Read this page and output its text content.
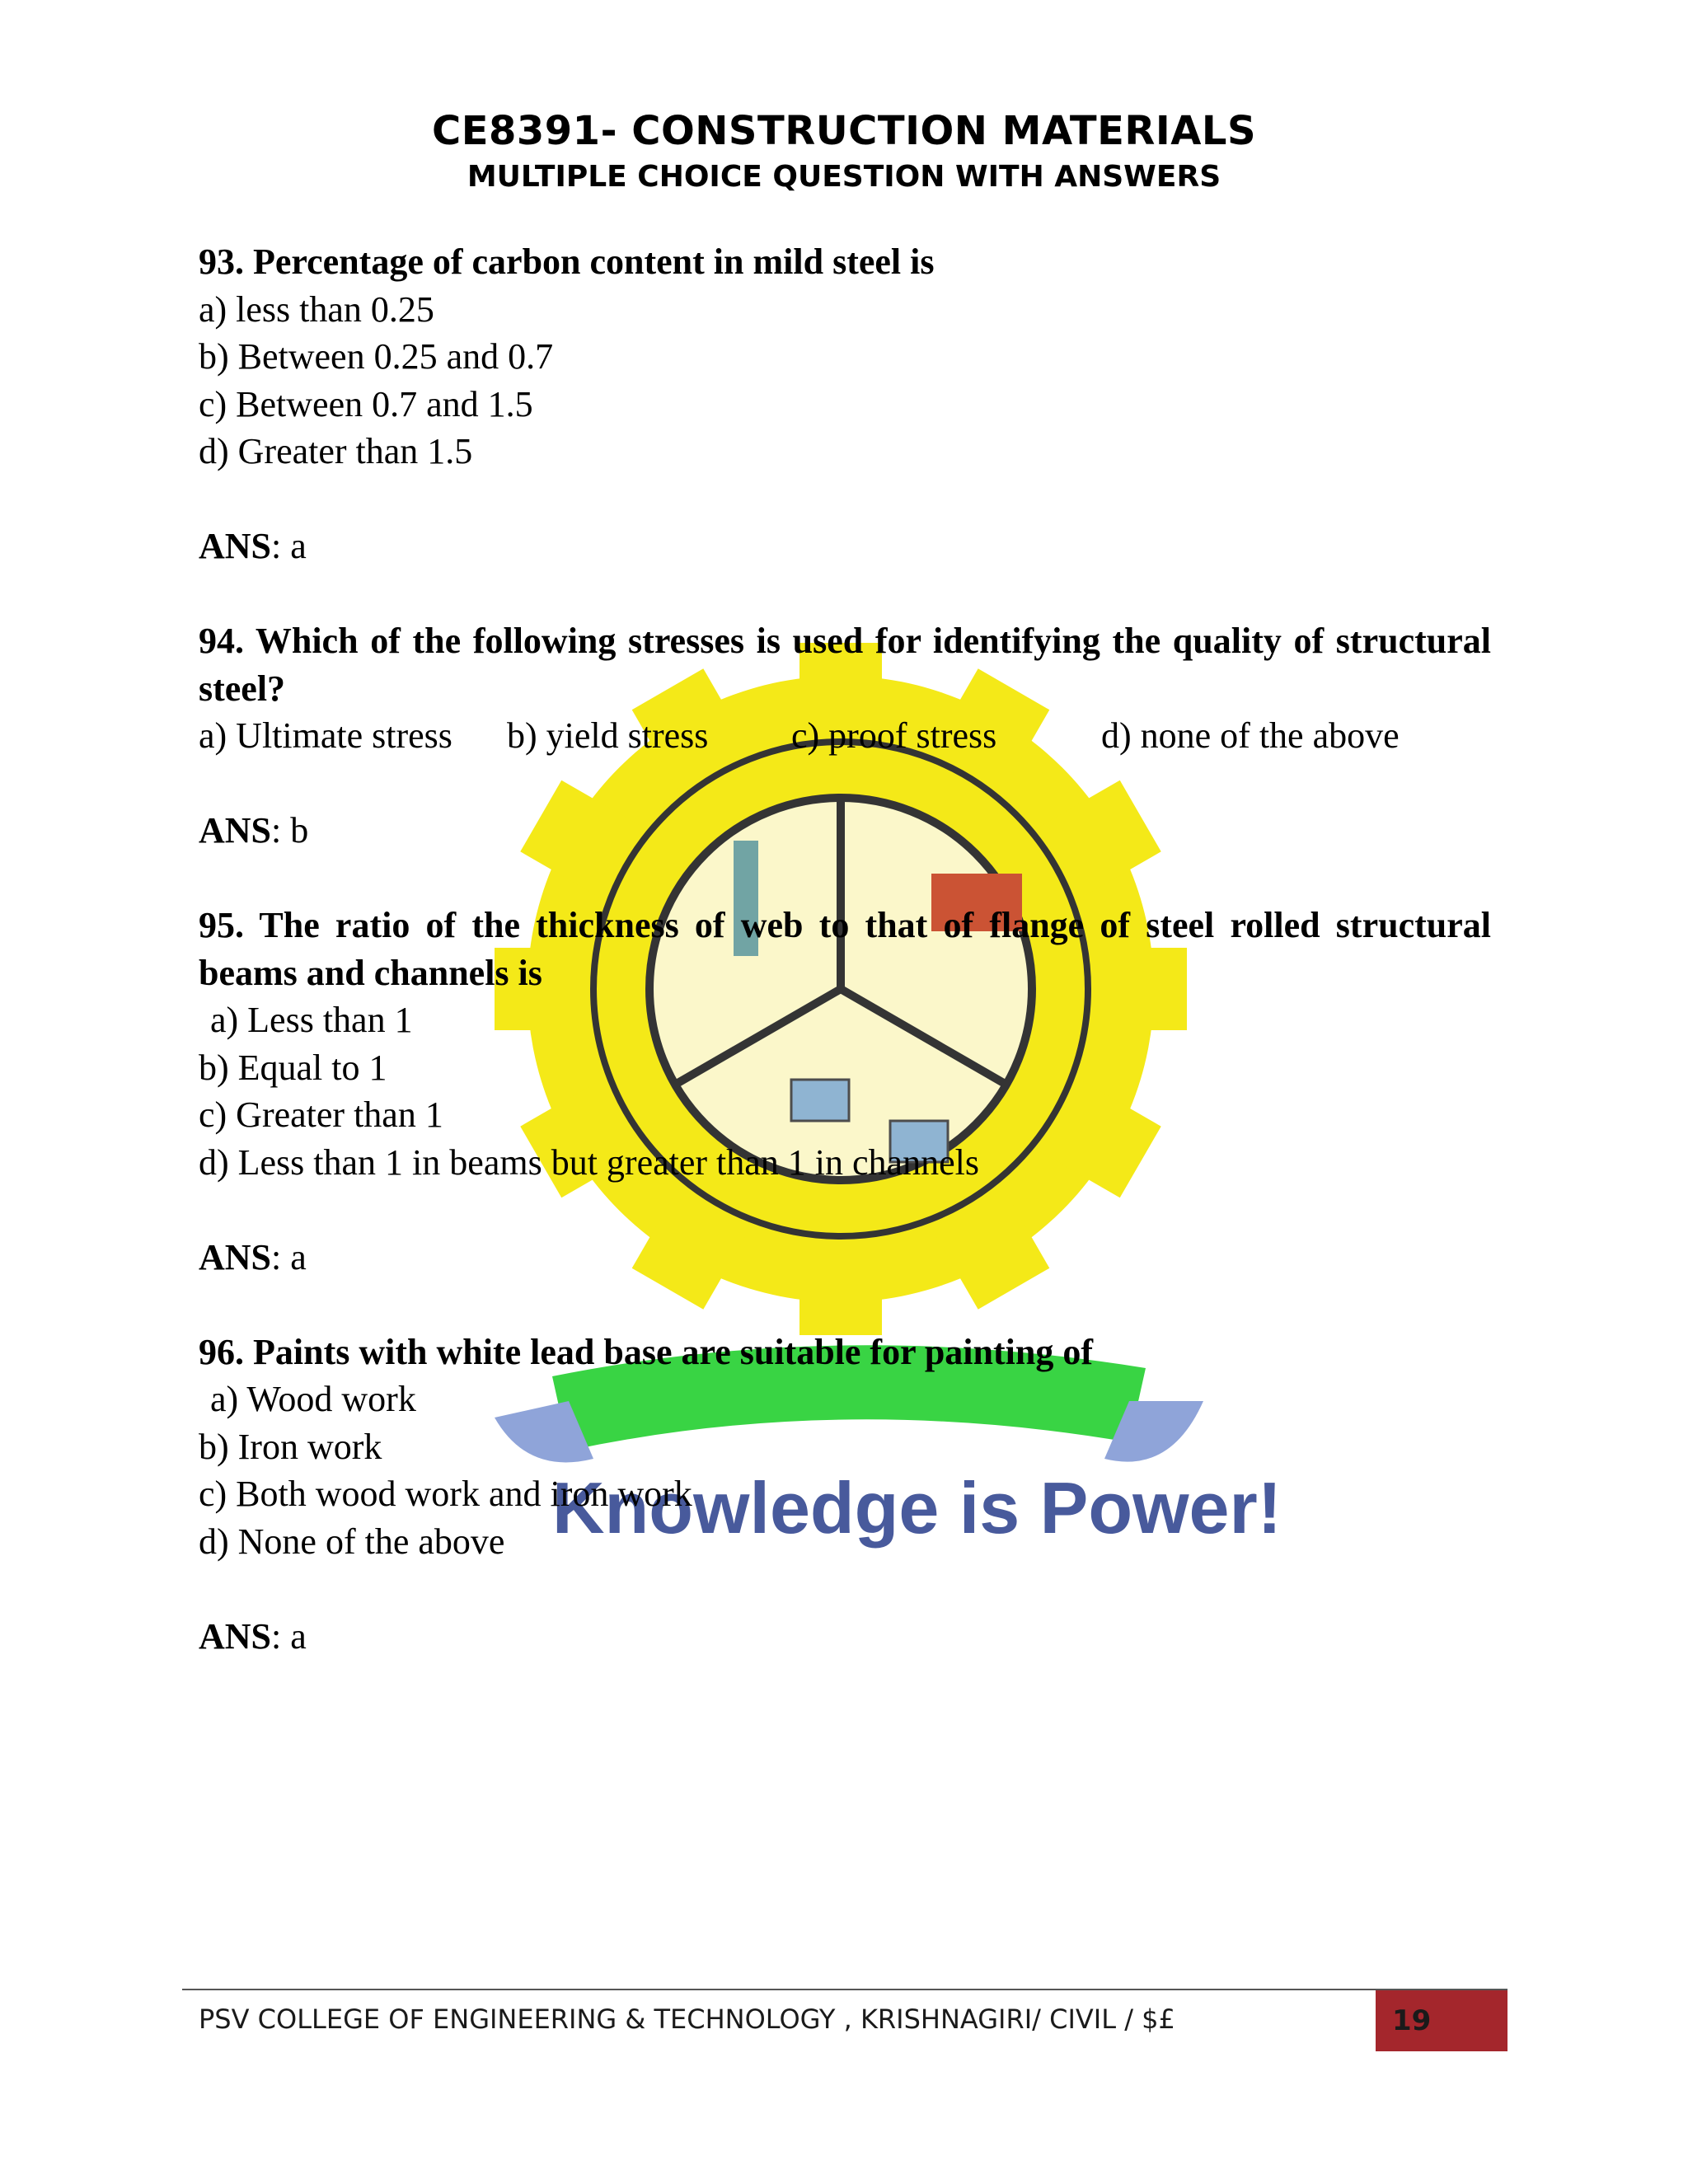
CE8391- CONSTRUCTION MATERIALS
MULTIPLE CHOICE QUESTION WITH ANSWERS
Knowledge is Power!

93. Percentage of carbon content in mild steel is

a) less than 0.25

b) Between 0.25 and 0.7

c) Between 0.7 and 1.5

d) Greater than 1.5

ANS: a

94. Which of the following stresses is used for identifying the quality of structural steel?

a) Ultimate stress	b) yield stress	c) proof stress	d) none of the above

ANS: b

95. The ratio of the thickness of web to that of flange of steel rolled structural beams and channels is

a) Less than 1

b) Equal to 1

c) Greater than 1

d) Less than 1 in beams but greater than 1 in channels

ANS: a

96. Paints with white lead base are suitable for painting of

a) Wood work

b) Iron work

c) Both wood work and iron work

d) None of the above

ANS: a

PSV COLLEGE OF ENGINEERING & TECHNOLOGY , KRISHNAGIRI/ CIVIL / $£	19
